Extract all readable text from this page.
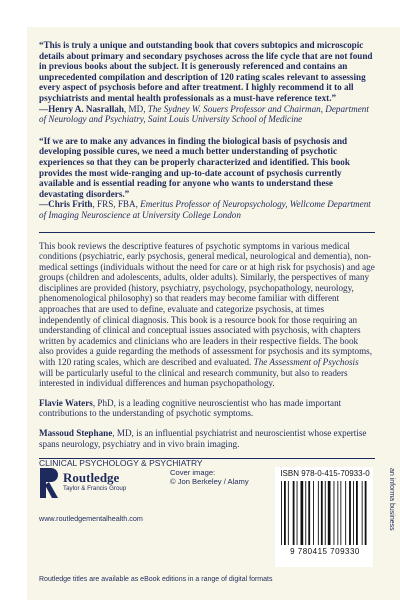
“This is truly a unique and outstanding book that covers subtopics and microscopic details about primary and secondary psychoses across the life cycle that are not found in previous books about the subject. It is generously referenced and contains an unprecedented compilation and description of 120 rating scales relevant to assessing every aspect of psychosis before and after treatment. I highly recommend it to all psychiatrists and mental health professionals as a must-have reference text.”
—Henry A. Nasrallah, MD, The Sydney W. Souers Professor and Chairman, Department of Neurology and Psychiatry, Saint Louis University School of Medicine
“If we are to make any advances in finding the biological basis of psychosis and developing possible cures, we need a much better understanding of psychotic experiences so that they can be properly characterized and identified. This book provides the most wide-ranging and up-to-date account of psychosis currently available and is essential reading for anyone who wants to understand these devastating disorders.”
—Chris Frith, FRS, FBA, Emeritus Professor of Neuropsychology, Wellcome Department of Imaging Neuroscience at University College London

This book reviews the descriptive features of psychotic symptoms in various medical conditions (psychiatric, early psychosis, general medical, neurological and dementia), non-medical settings (individuals without the need for care or at high risk for psychosis) and age groups (children and adolescents, adults, older adults). Similarly, the perspectives of many disciplines are provided (history, psychiatry, psychology, psychopathology, neurology, phenomenological philosophy) so that readers may become familiar with different approaches that are used to define, evaluate and categorize psychosis, at times independently of clinical diagnosis. This book is a resource book for those requiring an understanding of clinical and conceptual issues associated with psychosis, with chapters written by academics and clinicians who are leaders in their respective fields. The book also provides a guide regarding the methods of assessment for psychosis and its symptoms, with 120 rating scales, which are described and evaluated. The Assessment of Psychosis will be particularly useful to the clinical and research community, but also to readers interested in individual differences and human psychopathology.

Flavie Waters, PhD, is a leading cognitive neuroscientist who has made important contributions to the understanding of psychotic symptoms.

Massoud Stephane, MD, is an influential psychiatrist and neuroscientist whose expertise spans neurology, psychiatry and in vivo brain imaging.

CLINICAL PSYCHOLOGY & PSYCHIATRY
Routledge
Taylor & Francis Group
www.routledgementalhealth.com
Cover image:
© Jon Berkeley / Alamy
ISBN 978-0-415-70933-0
9 780415 709330
an informa business
Routledge titles are available as eBook editions in a range of digital formats
